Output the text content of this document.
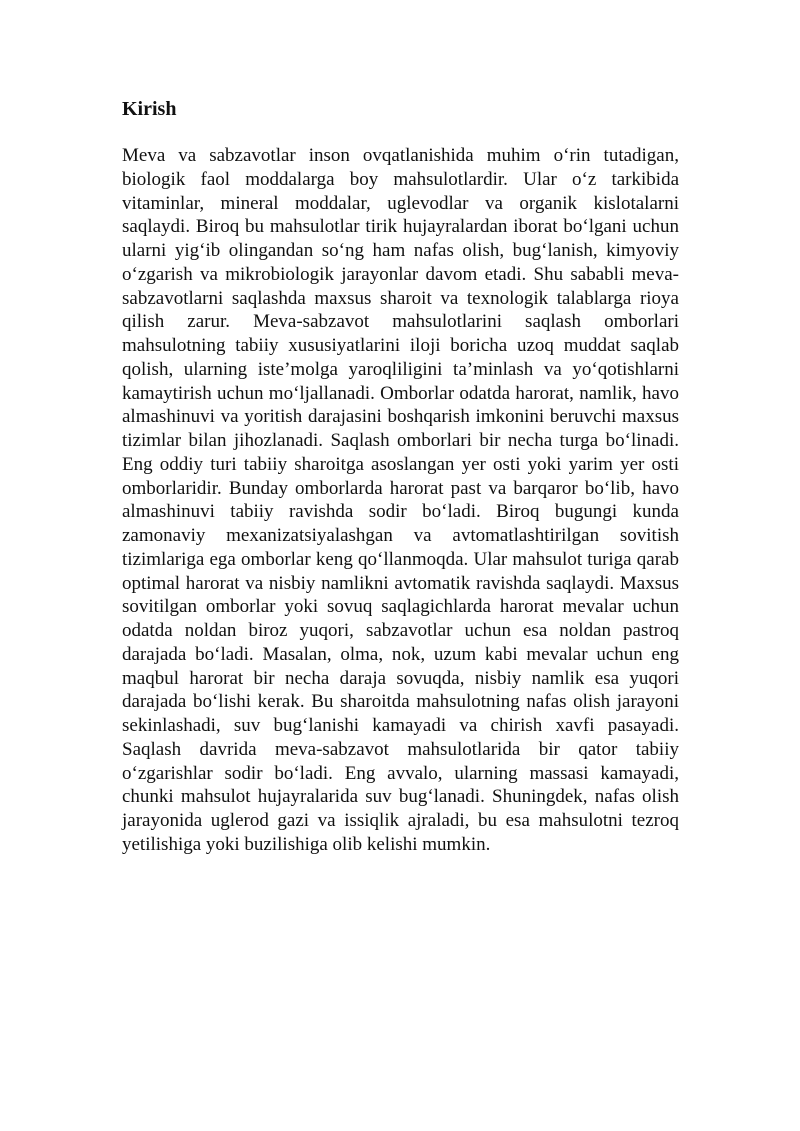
Kirish

Meva va sabzavotlar inson ovqatlanishida muhim o‘rin tutadigan, biologik faol moddalarga boy mahsulotlardir. Ular o‘z tarkibida vitaminlar, mineral moddalar, uglevodlar va organik kislotalarni saqlaydi. Biroq bu mahsulotlar tirik hujayralardan iborat bo‘lgani uchun ularni yig‘ib olingandan so‘ng ham nafas olish, bug‘lanish, kimyoviy o‘zgarish va mikrobiologik jarayonlar davom etadi. Shu sababli meva-sabzavotlarni saqlashda maxsus sharoit va texnologik talablarga rioya qilish zarur. Meva-sabzavot mahsulotlarini saqlash omborlari mahsulotning tabiiy xususiyatlarini iloji boricha uzoq muddat saqlab qolish, ularning iste’molga yaroqliligini ta’minlash va yo‘qotishlarni kamaytirish uchun mo‘ljallanadi. Omborlar odatda harorat, namlik, havo almashinuvi va yoritish darajasini boshqarish imkonini beruvchi maxsus tizimlar bilan jihozlanadi. Saqlash omborlari bir necha turga bo‘linadi. Eng oddiy turi tabiiy sharoitga asoslangan yer osti yoki yarim yer osti omborlaridir. Bunday omborlarda harorat past va barqaror bo‘lib, havo almashinuvi tabiiy ravishda sodir bo‘ladi. Biroq bugungi kunda zamonaviy mexanizatsiyalashgan va avtomatlashtirilgan sovitish tizimlariga ega omborlar keng qo‘llanmoqda. Ular mahsulot turiga qarab optimal harorat va nisbiy namlikni avtomatik ravishda saqlaydi. Maxsus sovitilgan omborlar yoki sovuq saqlagichlarda harorat mevalar uchun odatda noldan biroz yuqori, sabzavotlar uchun esa noldan pastroq darajada bo‘ladi. Masalan, olma, nok, uzum kabi mevalar uchun eng maqbul harorat bir necha daraja sovuqda, nisbiy namlik esa yuqori darajada bo‘lishi kerak. Bu sharoitda mahsulotning nafas olish jarayoni sekinlashadi, suv bug‘lanishi kamayadi va chirish xavfi pasayadi. Saqlash davrida meva-sabzavot mahsulotlarida bir qator tabiiy o‘zgarishlar sodir bo‘ladi. Eng avvalo, ularning massasi kamayadi, chunki mahsulot hujayralarida suv bug‘lanadi. Shuningdek, nafas olish jarayonida uglerod gazi va issiqlik ajraladi, bu esa mahsulotni tezroq yetilishiga yoki buzilishiga olib kelishi mumkin.
